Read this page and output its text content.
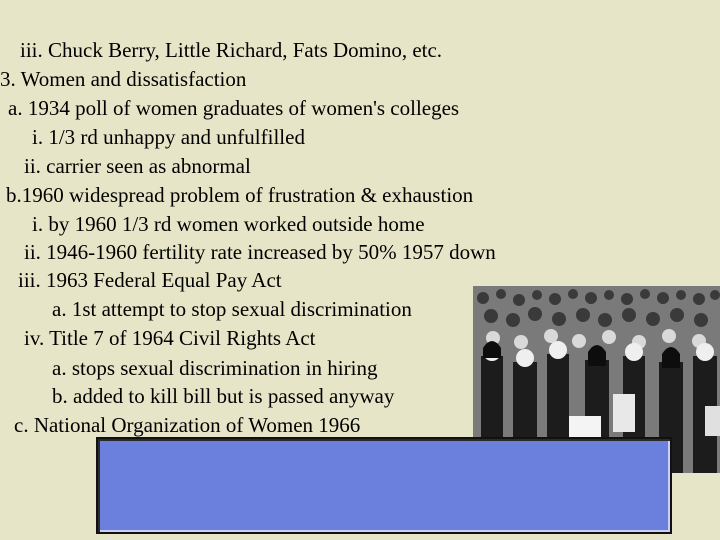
iii. Chuck Berry, Little Richard, Fats Domino, etc.
3. Women and dissatisfaction
a. 1934 poll of women graduates of women's colleges
i. 1/3 rd unhappy and unfulfilled
ii. carrier seen as abnormal
b.1960 widespread problem of frustration & exhaustion
i. by 1960 1/3 rd women worked outside home
ii. 1946-1960 fertility rate increased by 50% 1957 down
iii. 1963 Federal Equal Pay Act
a. 1st attempt to stop sexual discrimination
iv. Title 7 of 1964 Civil Rights Act
a. stops sexual discrimination in hiring
b. added to kill bill but is passed anyway
c. National Organization of Women 1966
